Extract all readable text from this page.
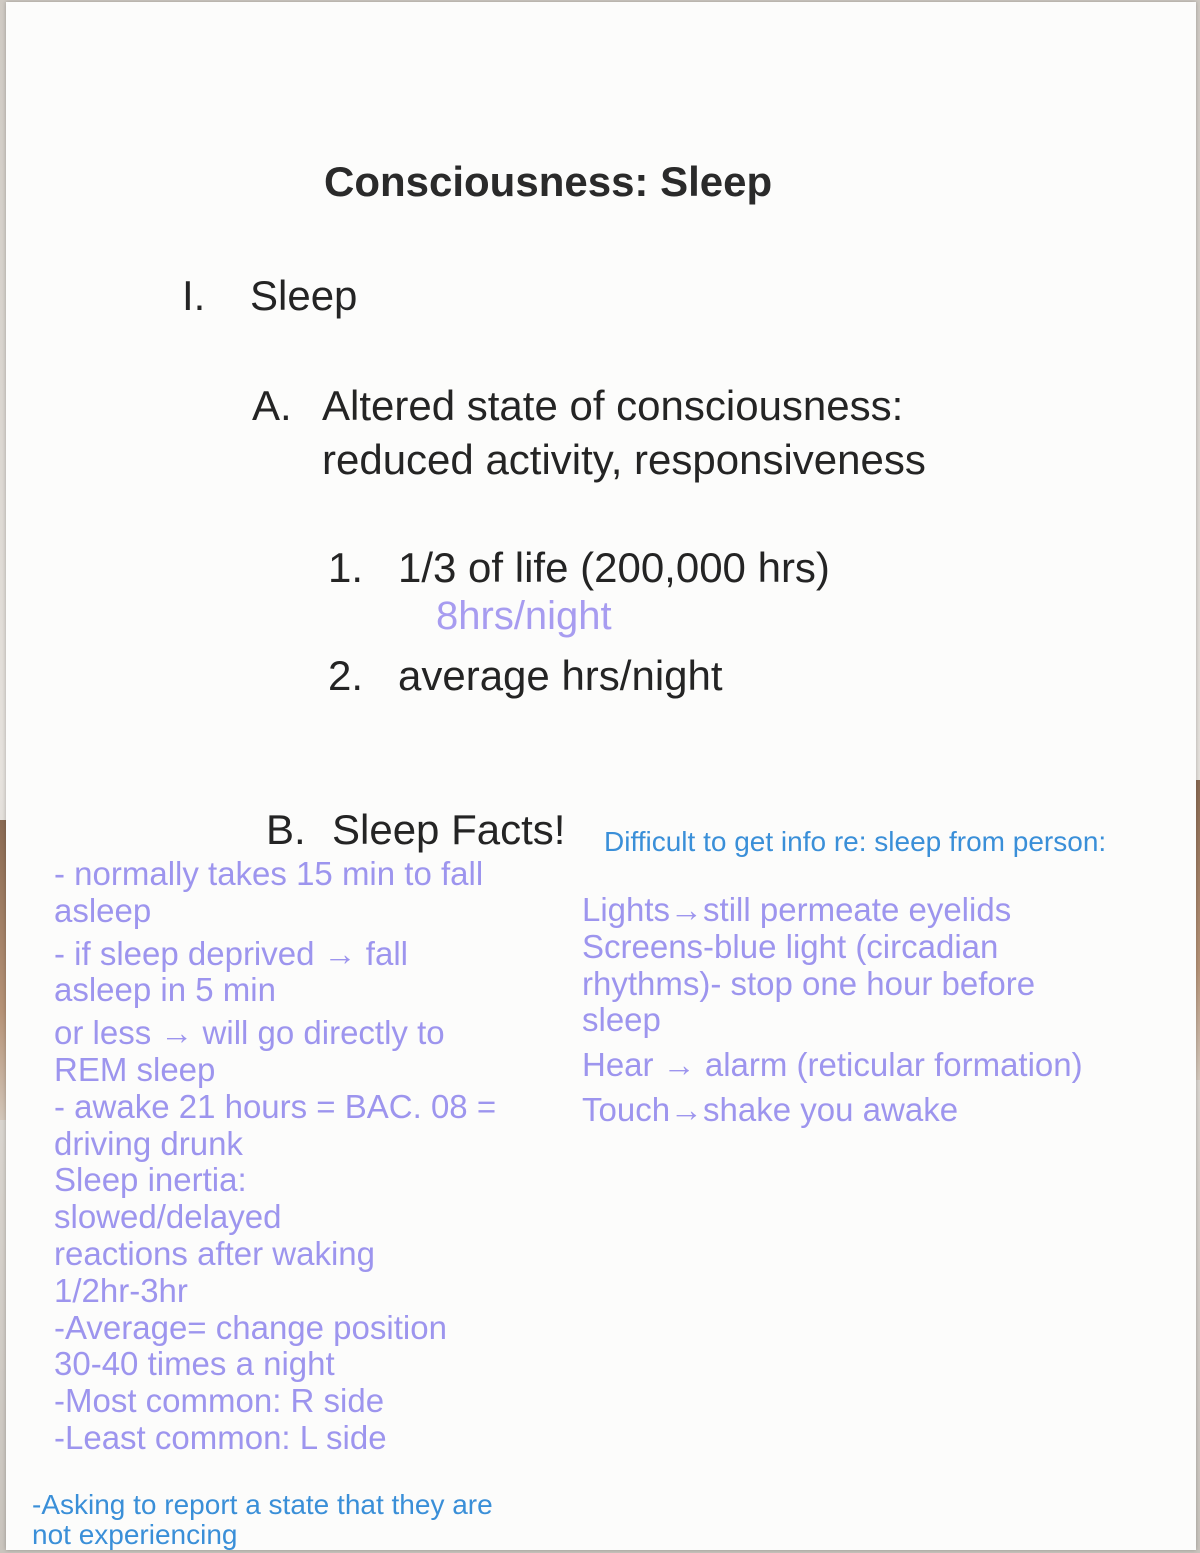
Consciousness: Sleep
I. Sleep
A. Altered state of consciousness:
reduced activity, responsiveness
1. 1/3 of life (200,000 hrs)
8hrs/night
2. average hrs/night
B. Sleep Facts! Difficult to get info re: sleep from person:
- normally takes 15 min to fall
asleep
- if sleep deprived → fall
asleep in 5 min
or less → will go directly to
REM sleep
- awake 21 hours = BAC. 08 =
driving drunk
Sleep inertia:
slowed/delayed
reactions after waking
1/2hr-3hr
-Average= change position
30-40 times a night
-Most common: R side
-Least common: L side
Lights→still permeate eyelids
Screens-blue light (circadian
rhythms)- stop one hour before
sleep
Hear → alarm (reticular formation)
Touch→shake you awake
-Asking to report a state that they are
not experiencing
